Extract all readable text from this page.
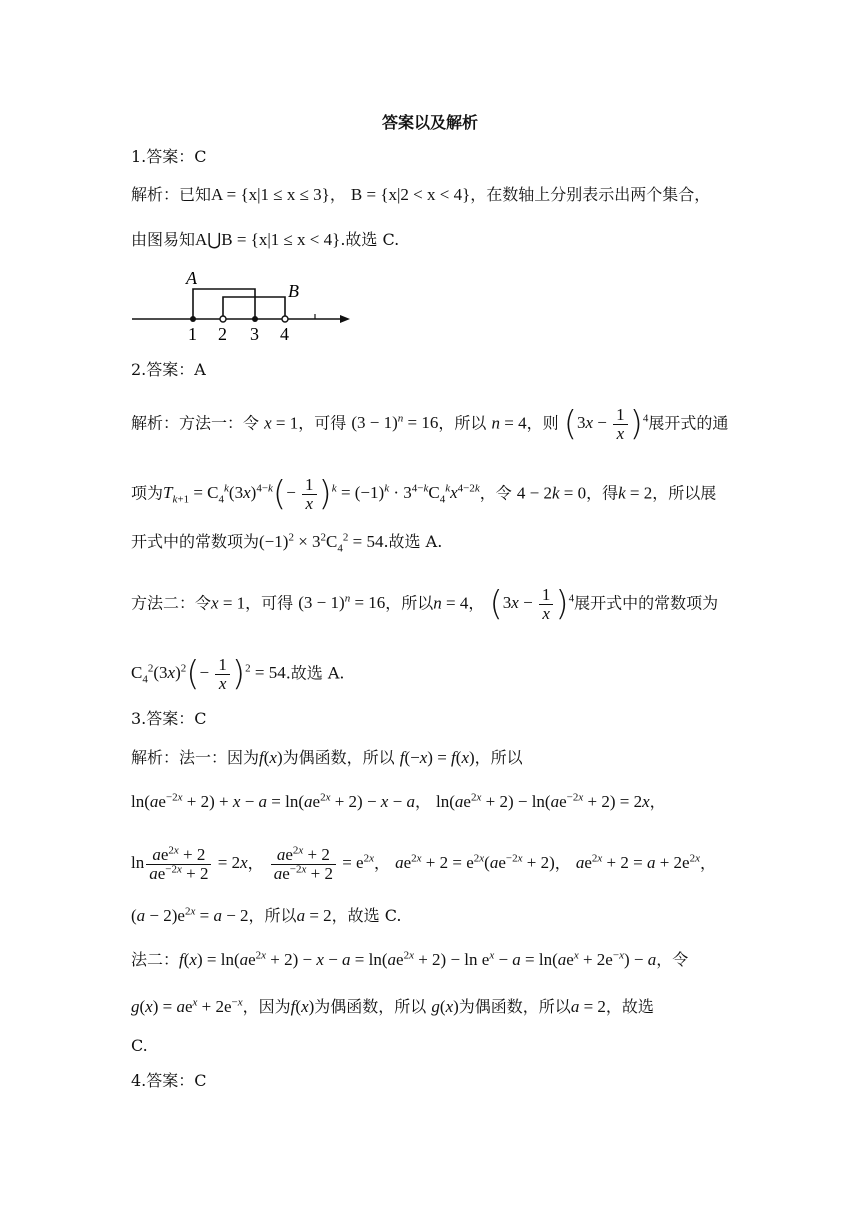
答案以及解析
1.答案：C
解析：已知A = {x|1 ≤ x ≤ 3}， B = {x|2 < x < 4}，在数轴上分别表示出两个集合，
由图易知A⋃B = {x|1 ≤ x < 4}.故选 C.
A
B
1 2 3 4
2.答案：A
解析：方法一：令 x = 1，可得 $(3 - 1)^n = 16$，所以 n = 4，则 $(3x - \frac{1}{x} )^4$展开式的通
项为$T_{k+1} = C_4^k(3x)^{4-k}(- \frac{1}{x} )^k = (-1)^k \cdot 3^{4-k}C_4^kx^{4-2k}$，令 4 − 2k = 0，得k = 2，所以展
开式中的常数项为$(-1)^2 \times 3^2C_4^2 = 54$.故选 A.
方法二：令x = 1，可得 $(3 - 1)^n = 16$，所以n = 4， $(3x - \frac{1}{x} )^4$展开式中的常数项为
$C_4^2(3x)^2(- \frac{1}{x} )^2 = 54$.故选 A.
3.答案：C
解析：法一：因为f(x)为偶函数，所以 f(−x) = f(x)，所以
$\ln(ae^{-2x} + 2) + x - a = \ln(ae^{2x} + 2) - x - a$， $\ln(ae^{2x} + 2) - \ln(ae^{-2x} + 2) = 2x$，
$\ln \frac{ae^{2x} + 2}{ae^{-2x} + 2} = 2x$， $\frac{ae^{2x} + 2}{ae^{-2x} + 2} = e^{2x}$， $ae^{2x} + 2 = e^{2x}(ae^{-2x} + 2)$， $ae^{2x} + 2 = a + 2e^{2x}$，
$(a - 2)e^{2x} = a - 2$，所以a = 2，故选 C.
法二：$f(x) = \ln(ae^{2x} + 2) - x - a = \ln(ae^{2x} + 2) - \ln e^x - a = \ln(ae^x + 2e^{-x}) - a$，令
$g(x) = ae^x + 2e^{-x}$，因为f(x)为偶函数，所以 g(x)为偶函数，所以a = 2，故选
C.
4.答案：C
